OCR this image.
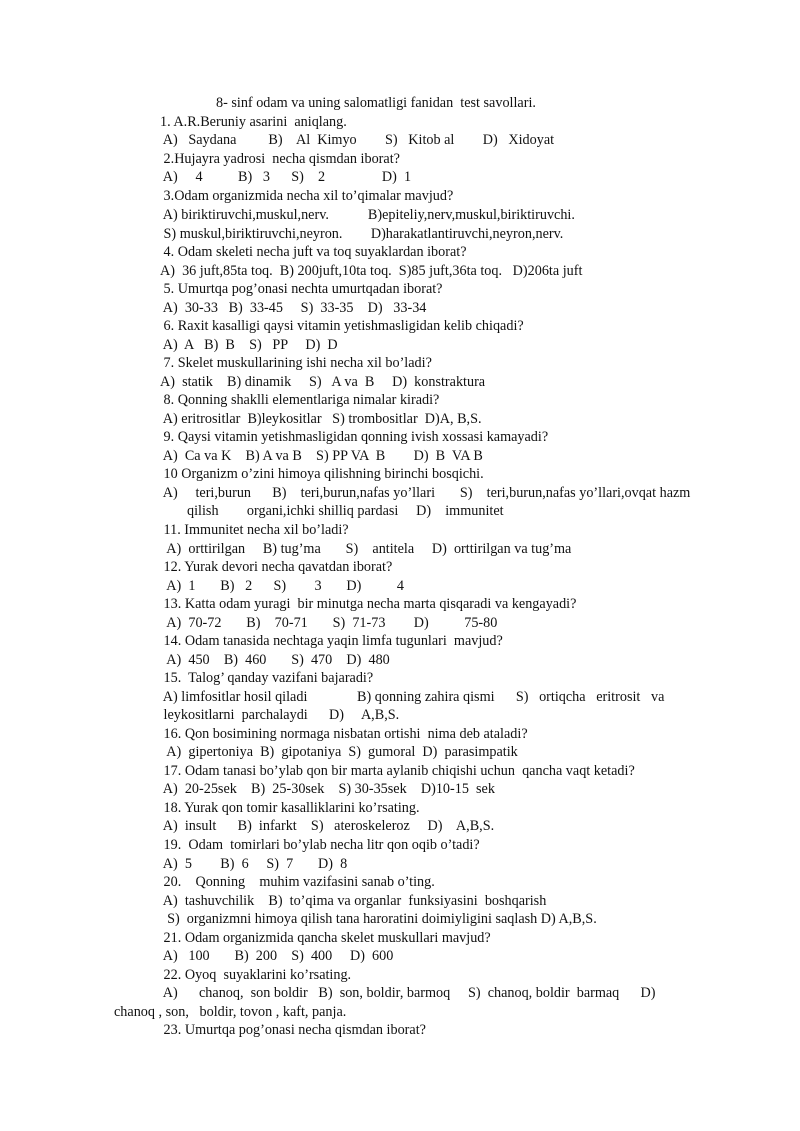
8- sinf odam va uning salomatligi fanidan  test savollari.
1. A.R.Beruniy asarini  aniqlang.
A)   Saydana         B)    Al  Kimyo        S)   Kitob al        D)   Xidoyat
2.Hujayra yadrosi  necha qismdan iborat?
A)     4          B)   3      S)    2                D)  1
3.Odam organizmida necha xil to’qimalar mavjud?
A) biriktiruvchi,muskul,nerv.           B)epiteliy,nerv,muskul,biriktiruvchi.
S) muskul,biriktiruvchi,neyron.        D)harakatlantiruvchi,neyron,nerv.
4. Odam skeleti necha juft va toq suyaklardan iborat?
A)  36 juft,85ta toq.  B) 200juft,10ta toq.  S)85 juft,36ta toq.   D)206ta juft
5. Umurtqa pog’onasi nechta umurtqadan iborat?
A)  30-33   B)  33-45     S)  33-35    D)   33-34
6. Raxit kasalligi qaysi vitamin yetishmasligidan kelib chiqadi?
A)  A   B)  B    S)   PP     D)  D
7. Skelet muskullarining ishi necha xil bo’ladi?
A)  statik    B) dinamik     S)   A va  B     D)  konstraktura
8. Qonning shaklli elementlariga nimalar kiradi?
A) eritrositlar  B)leykositlar   S) trombositlar  D)A, B,S.
9. Qaysi vitamin yetishmasligidan qonning ivish xossasi kamayadi?
A)  Ca va K    B) A va B    S) PP VA  B        D)  B  VA B
10 Organizm o’zini himoya qilishning birinchi bosqichi.
A)     teri,burun      B)    teri,burun,nafas yo’llari       S)    teri,burun,nafas yo’llari,ovqat hazm
qilish        organi,ichki shilliq pardasi     D)    immunitet
11. Immunitet necha xil bo’ladi?
A)  orttirilgan     B) tug’ma       S)    antitela     D)  orttirilgan va tug’ma
12. Yurak devori necha qavatdan iborat?
A)  1       B)   2      S)        3       D)          4
13. Katta odam yuragi  bir minutga necha marta qisqaradi va kengayadi?
A)  70-72       B)    70-71       S)  71-73        D)          75-80
14. Odam tanasida nechtaga yaqin limfa tugunlari  mavjud?
A)  450    B)  460       S)  470    D)  480
15.  Talog’ qanday vazifani bajaradi?
A) limfositlar hosil qiladi              B) qonning zahira qismi      S)   ortiqcha   eritrosit   va
leykositlarni  parchalaydi      D)     A,B,S.
16. Qon bosimining normaga nisbatan ortishi  nima deb ataladi?
A)  gipertoniya  B)  gipotaniya  S)  gumoral  D)  parasimpatik
17. Odam tanasi bo’ylab qon bir marta aylanib chiqishi uchun  qancha vaqt ketadi?
A)  20-25sek    B)  25-30sek    S) 30-35sek    D)10-15  sek
18. Yurak qon tomir kasalliklarini ko’rsating.
A)  insult      B)  infarkt    S)   ateroskeleroz     D)    A,B,S.
19.  Odam  tomirlari bo’ylab necha litr qon oqib o’tadi?
A)  5        B)  6     S)  7       D)  8
20.    Qonning    muhim vazifasini sanab o’ting.
A)  tashuvchilik    B)  to’qima va organlar  funksiyasini  boshqarish
S)  organizmni himoya qilish tana haroratini doimiyligini saqlash D) A,B,S.
21. Odam organizmida qancha skelet muskullari mavjud?
A)   100       B)  200    S)  400     D)  600
22. Oyoq  suyaklarini ko’rsating.
A)      chanoq,  son boldir   B)  son, boldir, barmoq     S)  chanoq, boldir  barmaq      D)
chanoq , son,   boldir, tovon , kaft, panja.
23. Umurtqa pog’onasi necha qismdan iborat?
